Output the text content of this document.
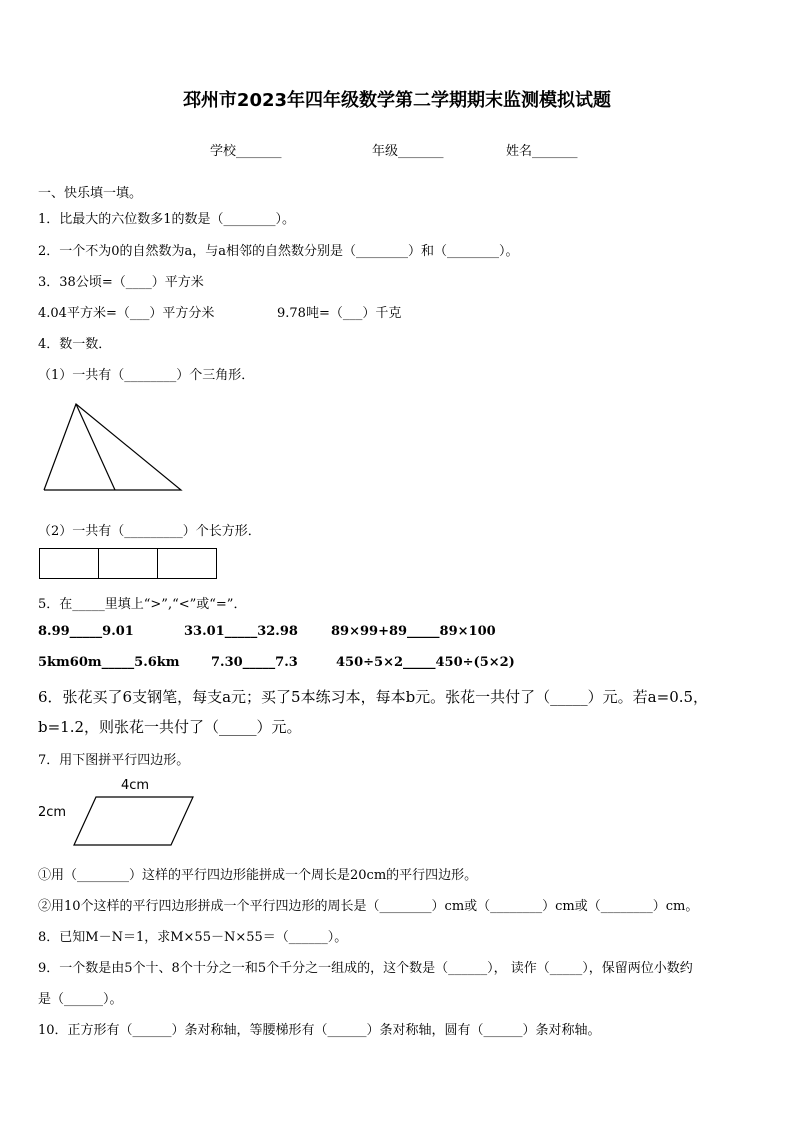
邳州市2023年四年级数学第二学期期末监测模拟试题
学校_______	年级_______	姓名_______
一、快乐填一填。
1．比最大的六位数多1的数是（________）。
2．一个不为0的自然数为a，与a相邻的自然数分别是（________）和（________）。
3．38公顷=（____）平方米
4.04平方米=（___）平方分米	9.78吨=（___）千克
4．数一数．
（1）一共有（________）个三角形．
（2）一共有（_________）个长方形．
5．在_____里填上“>”,“<”或“=”．
8.99_____9.01	33.01_____32.98	89×99+89_____89×100
5km60m_____5.6km 7.30_____7.3	450÷5×2_____450÷(5×2)
6．张花买了6支钢笔，每支a元；买了5本练习本，每本b元。张花一共付了（_____）元。若a=0.5，
b=1.2，则张花一共付了（_____）元。
7．用下图拼平行四边形。
4cm
2cm
①用（________）这样的平行四边形能拼成一个周长是20cm的平行四边形。
②用10个这样的平行四边形拼成一个平行四边形的周长是（________）cm或（________）cm或（________）cm。
8．已知M－N＝1，求M×55－N×55＝（______）。
9．一个数是由5个十、8个十分之一和5个千分之一组成的，这个数是（______）， 读作（_____），保留两位小数约
是（______）。
10．正方形有（______）条对称轴，等腰梯形有（______）条对称轴，圆有（______）条对称轴。
